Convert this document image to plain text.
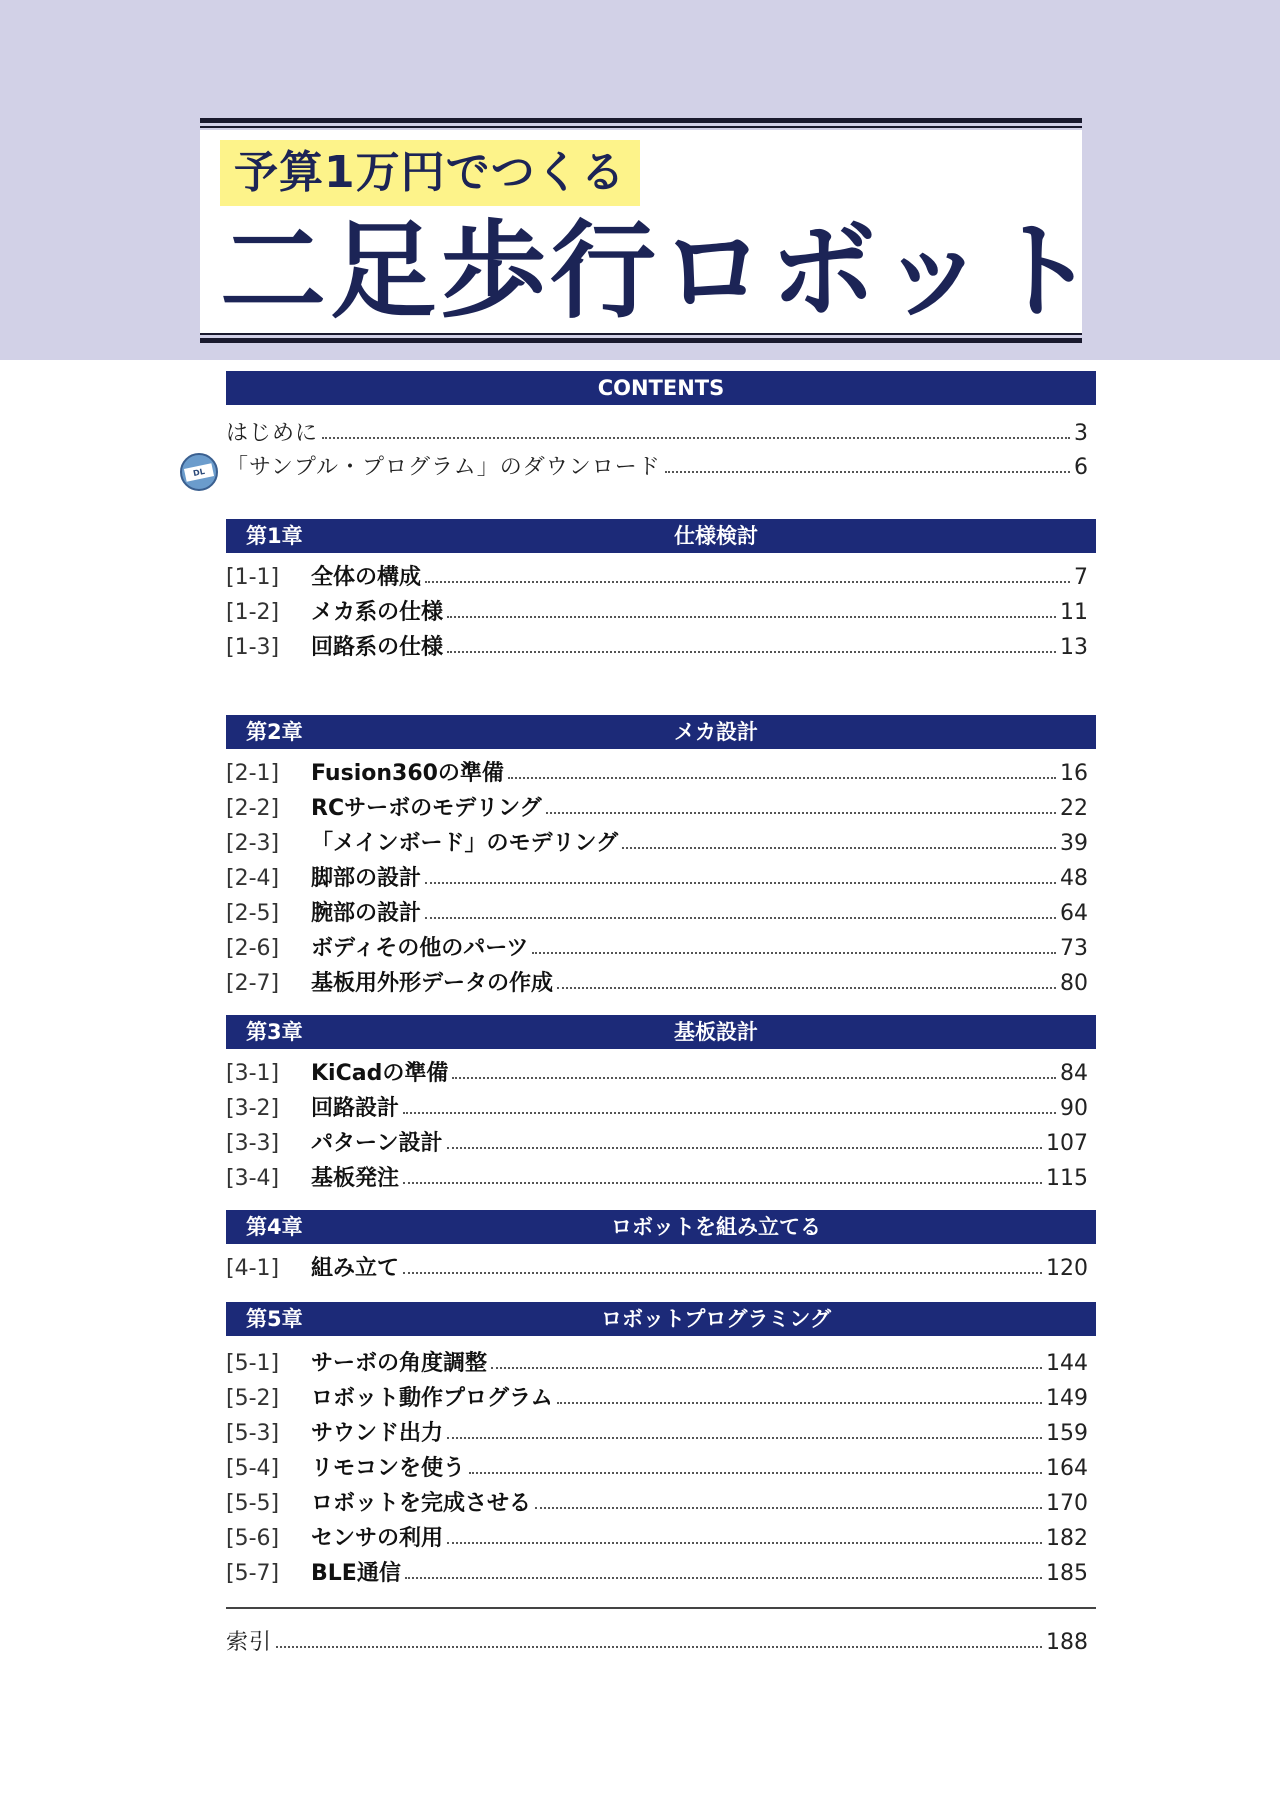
予算1万円でつくる
二足歩行ロボット
CONTENTS
DL
はじめに	3
「サンプル・プログラム」のダウンロード	6
第1章	仕様検討
[1-1]	全体の構成	7
[1-2]	メカ系の仕様	11
[1-3]	回路系の仕様	13
第2章	メカ設計
[2-1]	Fusion360の準備	16
[2-2]	RCサーボのモデリング	22
[2-3]	「メインボード」のモデリング	39
[2-4]	脚部の設計	48
[2-5]	腕部の設計	64
[2-6]	ボディその他のパーツ	73
[2-7]	基板用外形データの作成	80
第3章	基板設計
[3-1]	KiCadの準備	84
[3-2]	回路設計	90
[3-3]	パターン設計	107
[3-4]	基板発注	115
第4章	ロボットを組み立てる
[4-1]	組み立て	120
第5章	ロボットプログラミング
[5-1]	サーボの角度調整	144
[5-2]	ロボット動作プログラム	149
[5-3]	サウンド出力	159
[5-4]	リモコンを使う	164
[5-5]	ロボットを完成させる	170
[5-6]	センサの利用	182
[5-7]	BLE通信	185
索引	188
